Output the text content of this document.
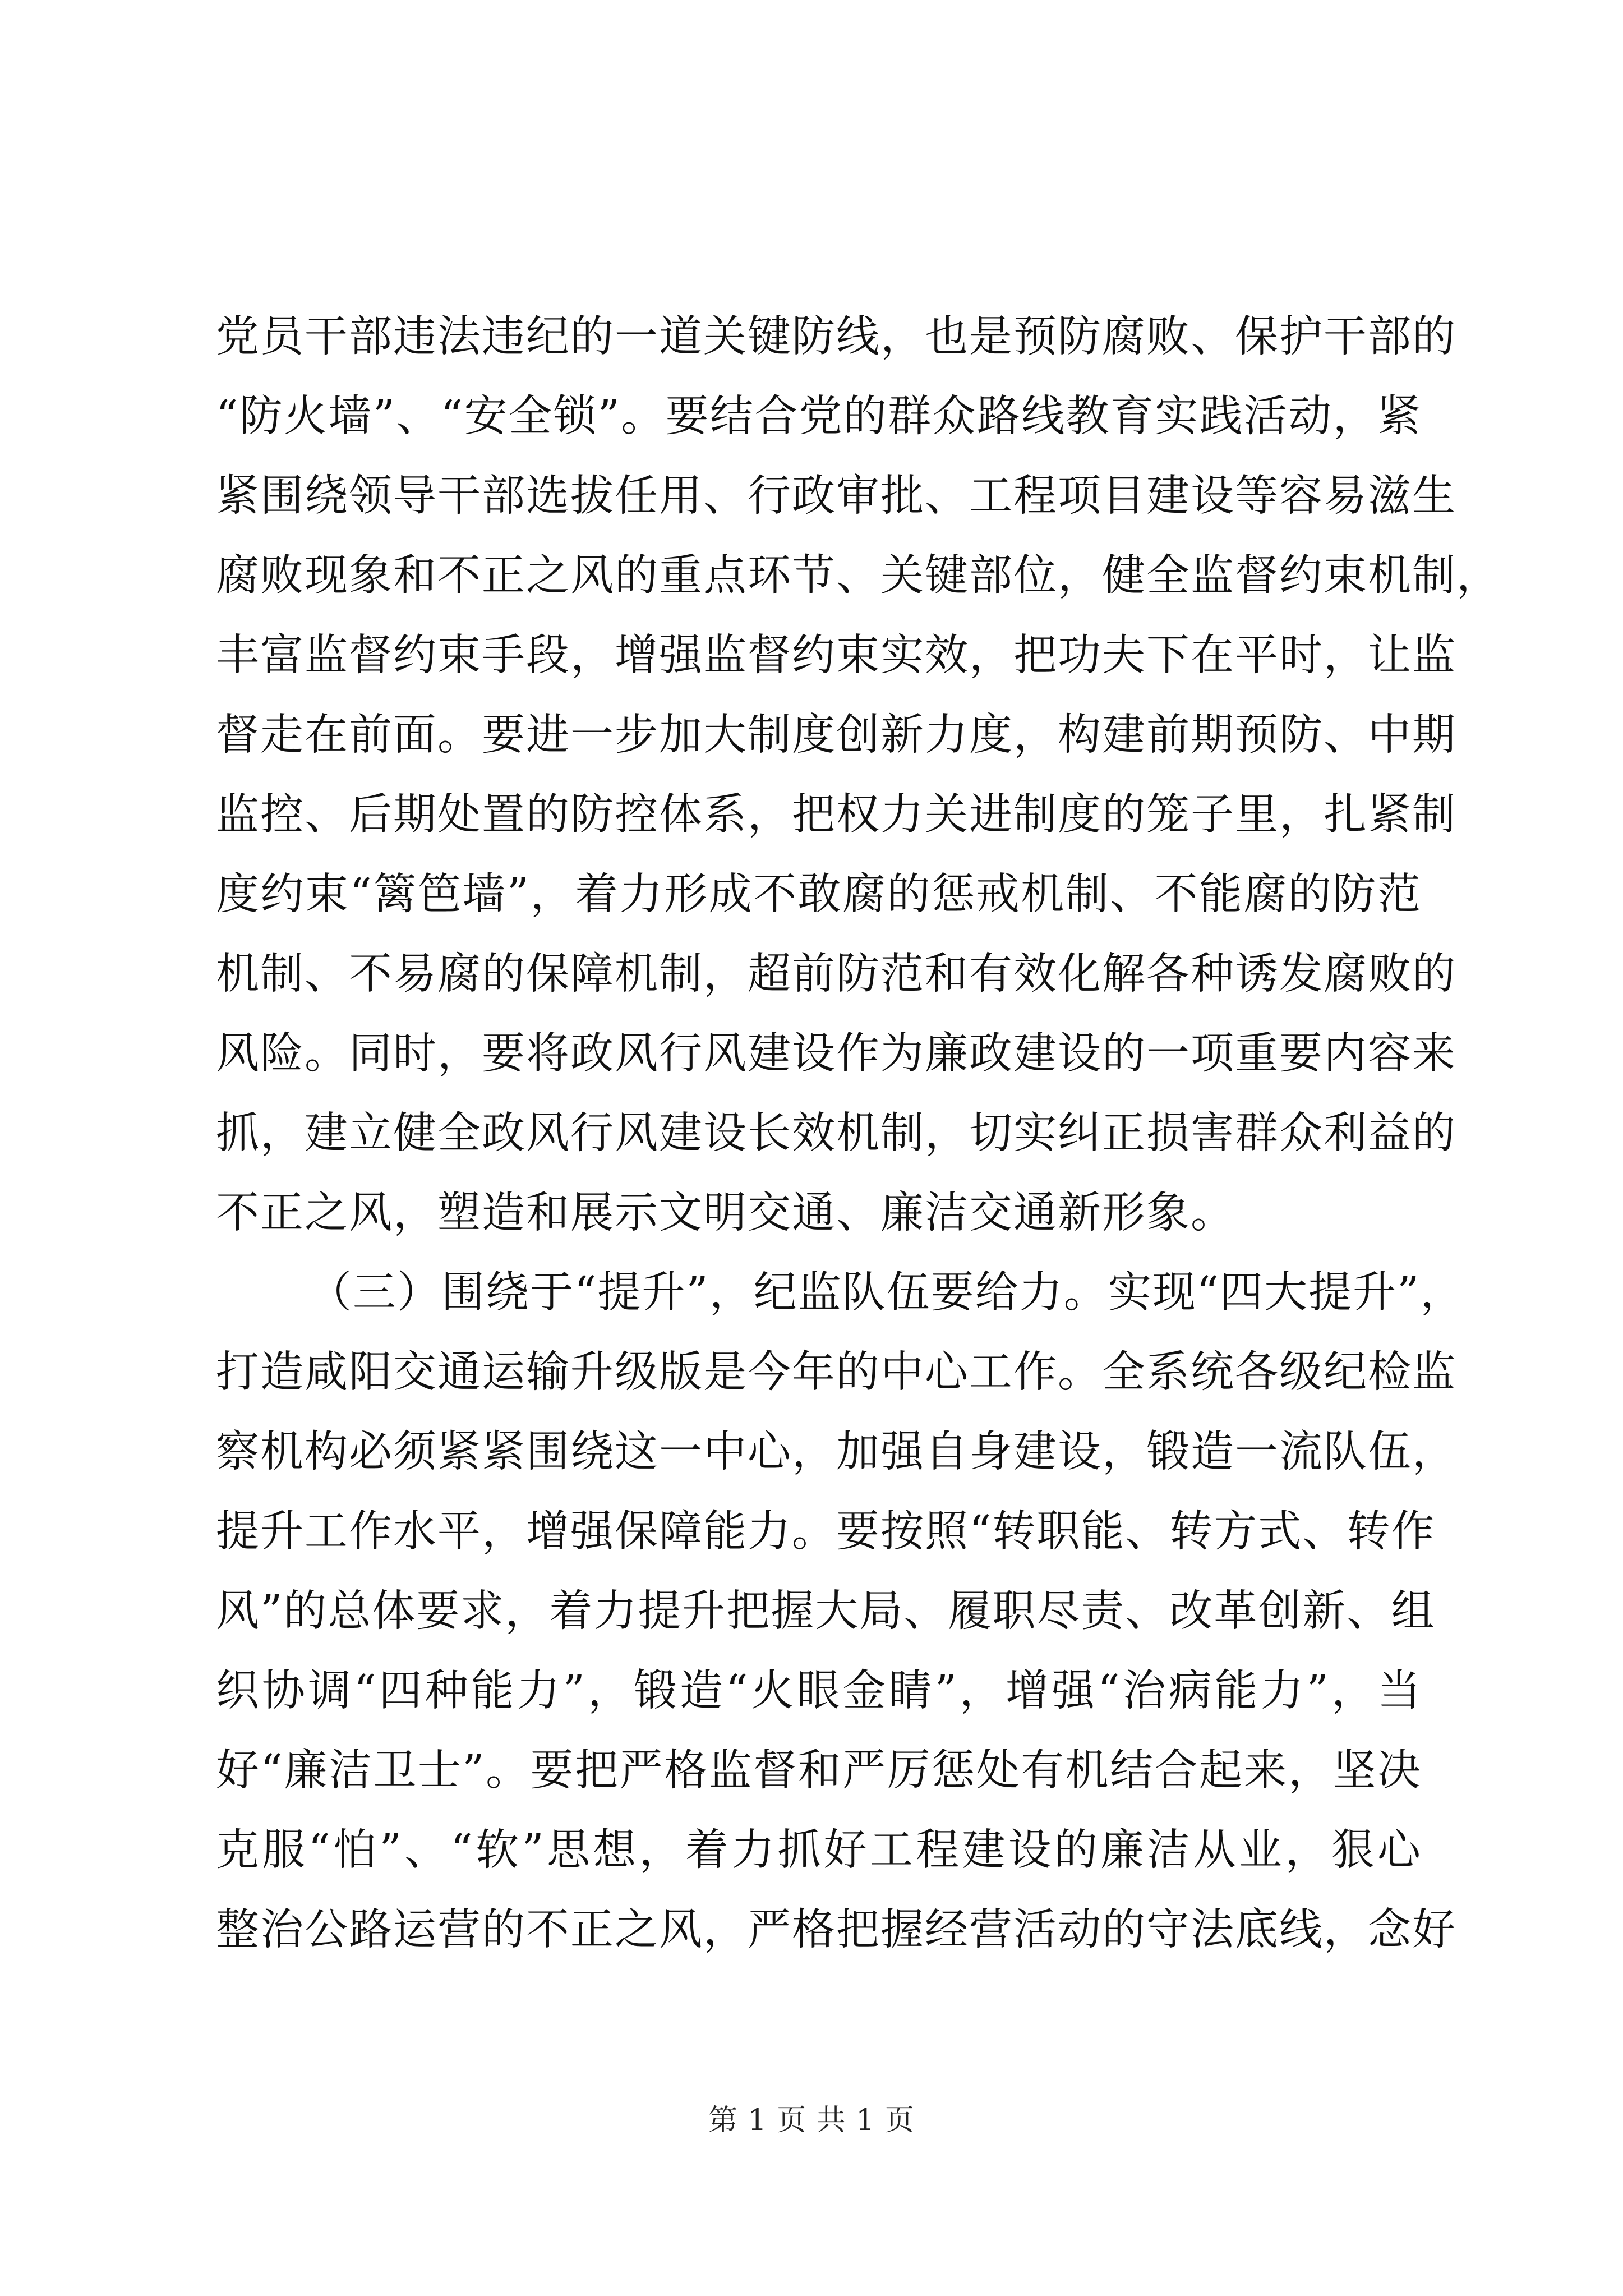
党员干部违法违纪的一道关键防线，也是预防腐败、保护干部的
“防火墙”、“安全锁”。要结合党的群众路线教育实践活动，紧
紧围绕领导干部选拔任用、行政审批、工程项目建设等容易滋生
腐败现象和不正之风的重点环节、关键部位，健全监督约束机制，
丰富监督约束手段，增强监督约束实效，把功夫下在平时，让监
督走在前面。要进一步加大制度创新力度，构建前期预防、中期
监控、后期处置的防控体系，把权力关进制度的笼子里，扎紧制
度约束“篱笆墙”，着力形成不敢腐的惩戒机制、不能腐的防范
机制、不易腐的保障机制，超前防范和有效化解各种诱发腐败的
风险。同时，要将政风行风建设作为廉政建设的一项重要内容来
抓，建立健全政风行风建设长效机制，切实纠正损害群众利益的
不正之风，塑造和展示文明交通、廉洁交通新形象。
（三）围绕于“提升”，纪监队伍要给力。实现“四大提升”，
打造咸阳交通运输升级版是今年的中心工作。全系统各级纪检监
察机构必须紧紧围绕这一中心，加强自身建设，锻造一流队伍，
提升工作水平，增强保障能力。要按照“转职能、转方式、转作
风”的总体要求，着力提升把握大局、履职尽责、改革创新、组
织协调“四种能力”，锻造“火眼金睛”，增强“治病能力”，当
好“廉洁卫士”。要把严格监督和严厉惩处有机结合起来，坚决
克服“怕”、“软”思想，着力抓好工程建设的廉洁从业，狠心
整治公路运营的不正之风，严格把握经营活动的守法底线，念好
第 1 页 共 1 页
